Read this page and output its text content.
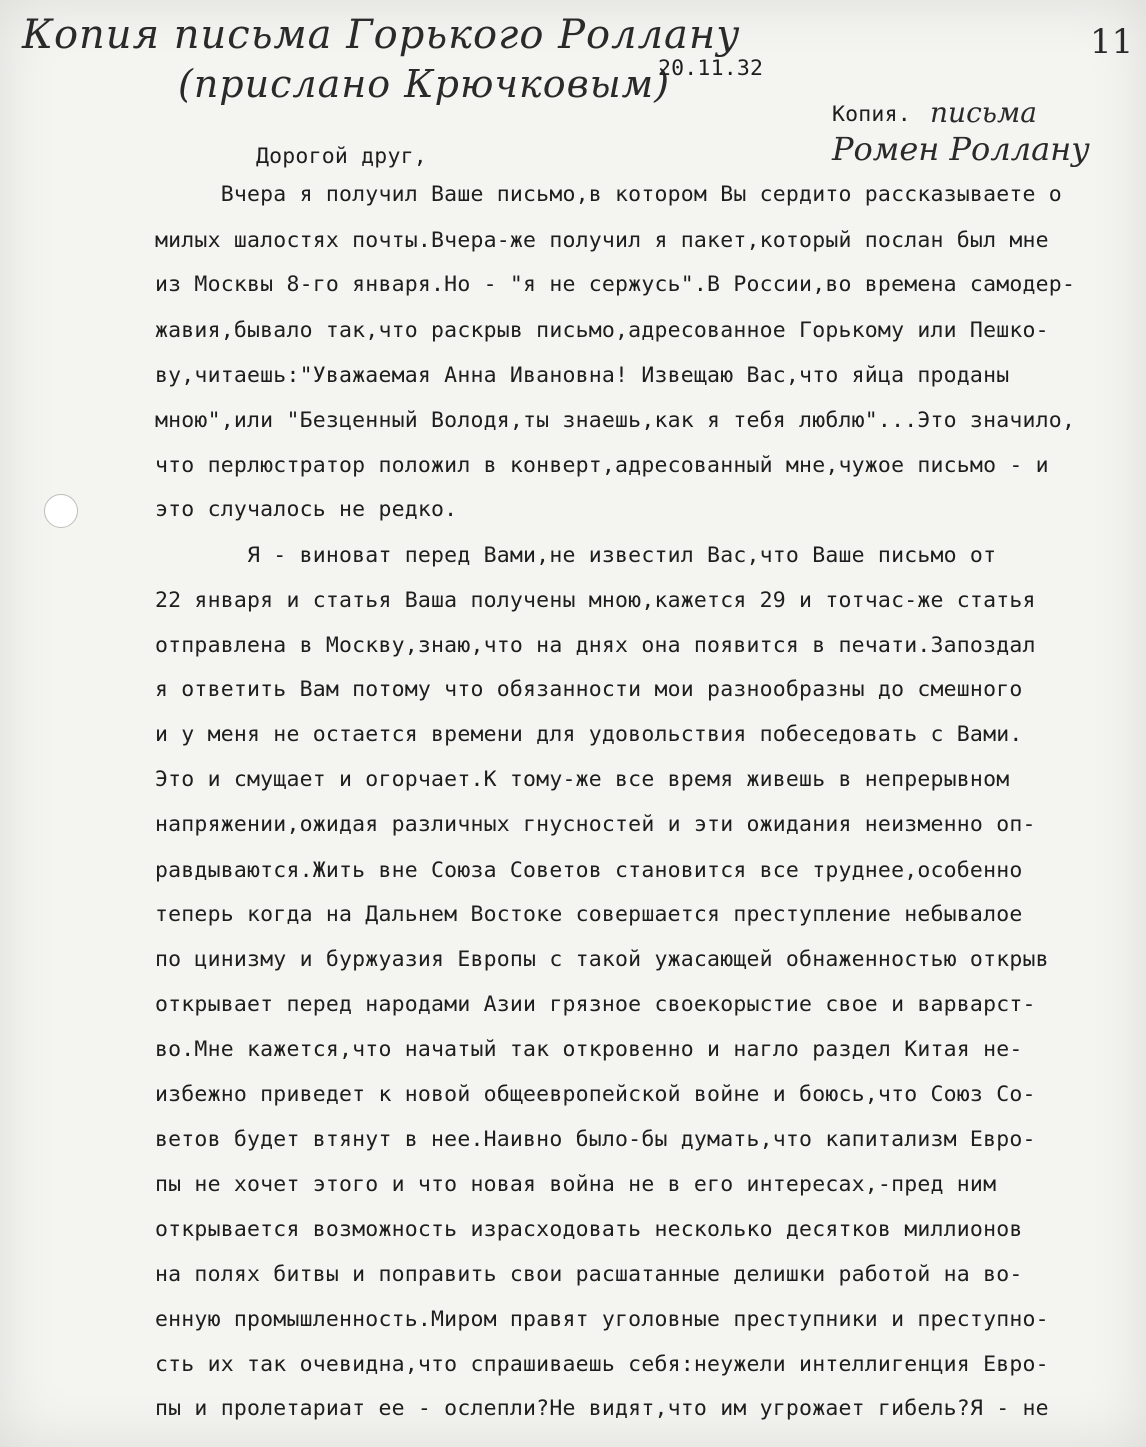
Копия письма Горького Роллану
(прислано Крючковым)
11
письма
Ромен Роллану
20.11.32
Копия.
Дорогой друг,
Вчера я получил Ваше письмо,в котором Вы сердито рассказываете о
милых шалостях почты.Вчера-же получил я пакет,который послан был мне
из Москвы 8-го января.Но - "я не сержусь".В России,во времена самодер-
жавия,бывало так,что раскрыв письмо,адресованное Горькому или Пешко-
ву,читаешь:"Уважаемая Анна Ивановна! Извещаю Вас,что яйца проданы
мною",или "Безценный Володя,ты знаешь,как я тебя люблю"...Это значило,
что перлюстратор положил в конверт,адресованный мне,чужое письмо - и
это случалось не редко.
Я - виноват перед Вами,не известил Вас,что Ваше письмо от
22 января и статья Ваша получены мною,кажется 29 и тотчас-же статья
отправлена в Москву,знаю,что на днях она появится в печати.Запоздал
я ответить Вам потому что обязанности мои разнообразны до смешного
и у меня не остается времени для удовольствия побеседовать с Вами.
Это и смущает и огорчает.К тому-же все время живешь в непрерывном
напряжении,ожидая различных гнусностей и эти ожидания неизменно оп-
равдываются.Жить вне Союза Советов становится все труднее,особенно
теперь когда на Дальнем Востоке совершается преступление небывалое
по цинизму и буржуазия Европы с такой ужасающей обнаженностью открыв
открывает перед народами Азии грязное своекорыстие свое и варварст-
во.Мне кажется,что начатый так откровенно и нагло раздел Китая не-
избежно приведет к новой общеевропейской войне и боюсь,что Союз Со-
ветов будет втянут в нее.Наивно было-бы думать,что капитализм Евро-
пы не хочет этого и что новая война не в его интересах,-пред ним
открывается возможность израсходовать несколько десятков миллионов
на полях битвы и поправить свои расшатанные делишки работой на во-
енную промышленность.Миром правят уголовные преступники и преступно-
сть их так очевидна,что спрашиваешь себя:неужели интеллигенция Евро-
пы и пролетариат ее - ослепли?Не видят,что им угрожает гибель?Я - не
